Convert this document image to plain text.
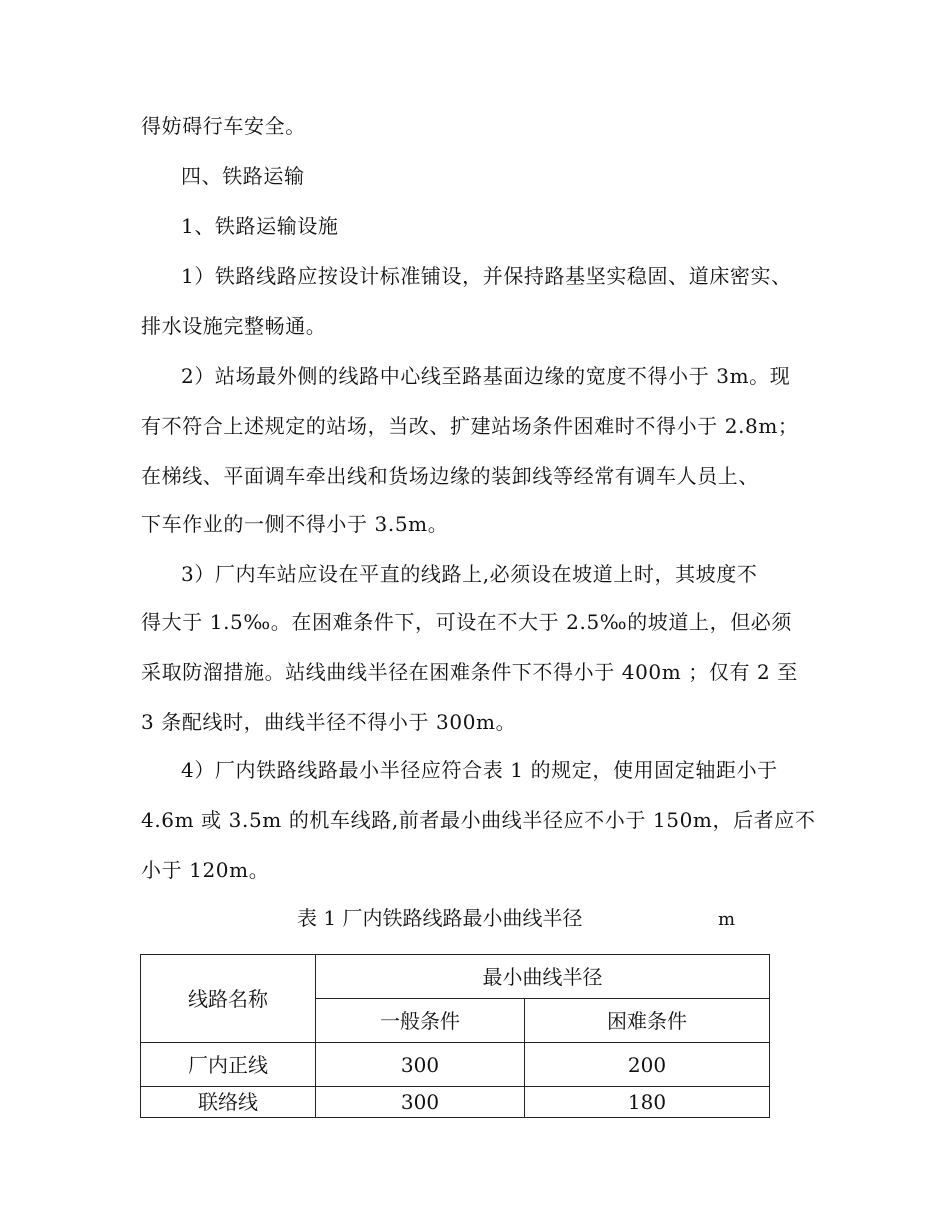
得妨碍行车安全。
四、铁路运输
1、铁路运输设施
1）铁路线路应按设计标准铺设，并保持路基坚实稳固、道床密实、
排水设施完整畅通。
2）站场最外侧的线路中心线至路基面边缘的宽度不得小于 3m。现
有不符合上述规定的站场，当改、扩建站场条件困难时不得小于 2.8m；
在梯线、平面调车牵出线和货场边缘的装卸线等经常有调车人员上、
下车作业的一侧不得小于 3.5m。
3）厂内车站应设在平直的线路上,必须设在坡道上时，其坡度不
得大于 1.5‰。在困难条件下，可设在不大于 2.5‰的坡道上，但必须
采取防溜措施。站线曲线半径在困难条件下不得小于 400m ；仅有 2 至
3 条配线时，曲线半径不得小于 300m。
4）厂内铁路线路最小半径应符合表 1 的规定，使用固定轴距小于
4.6m 或 3.5m 的机车线路,前者最小曲线半径应不小于 150m，后者应不
小于 120m。
表 1 厂内铁路线路最小曲线半径	m
线路名称	最小曲线半径	
	一般条件	困难条件
厂内正线	300	200
联络线	300	180
